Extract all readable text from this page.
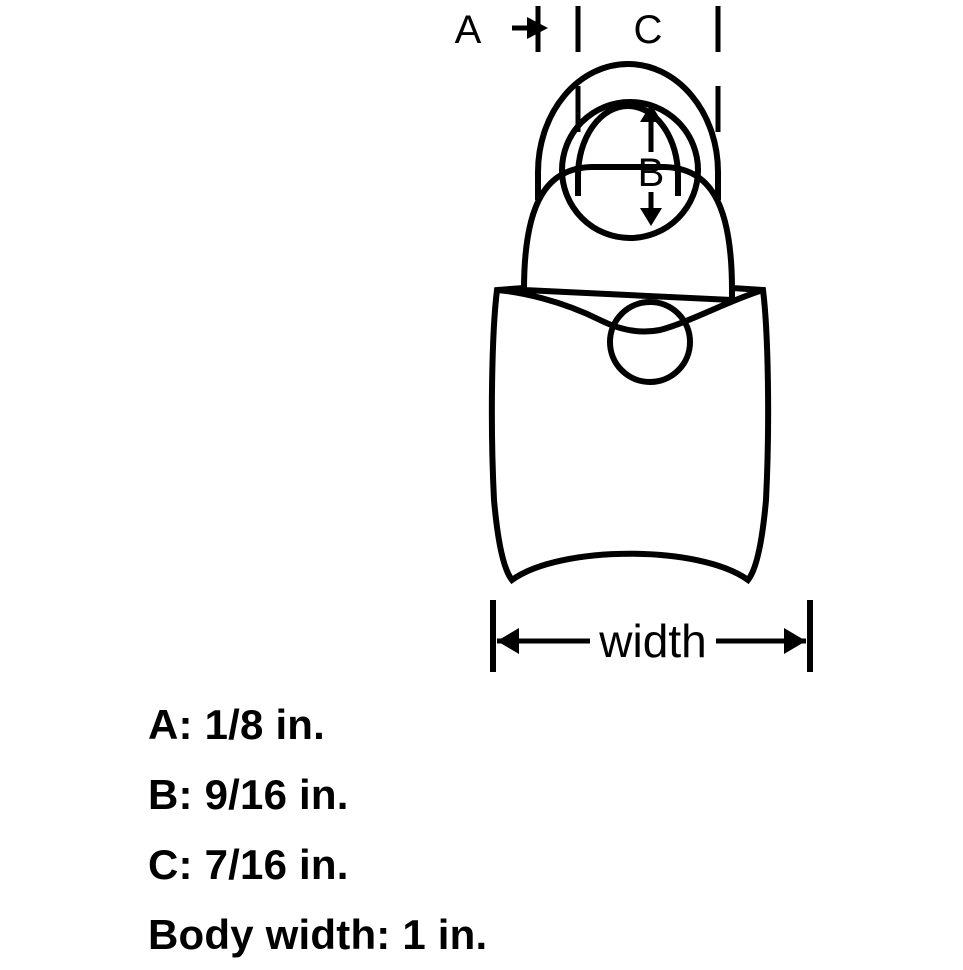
A	C
B
width
A: 1/8 in.
B: 9/16 in.
C: 7/16 in.
Body width: 1 in.
